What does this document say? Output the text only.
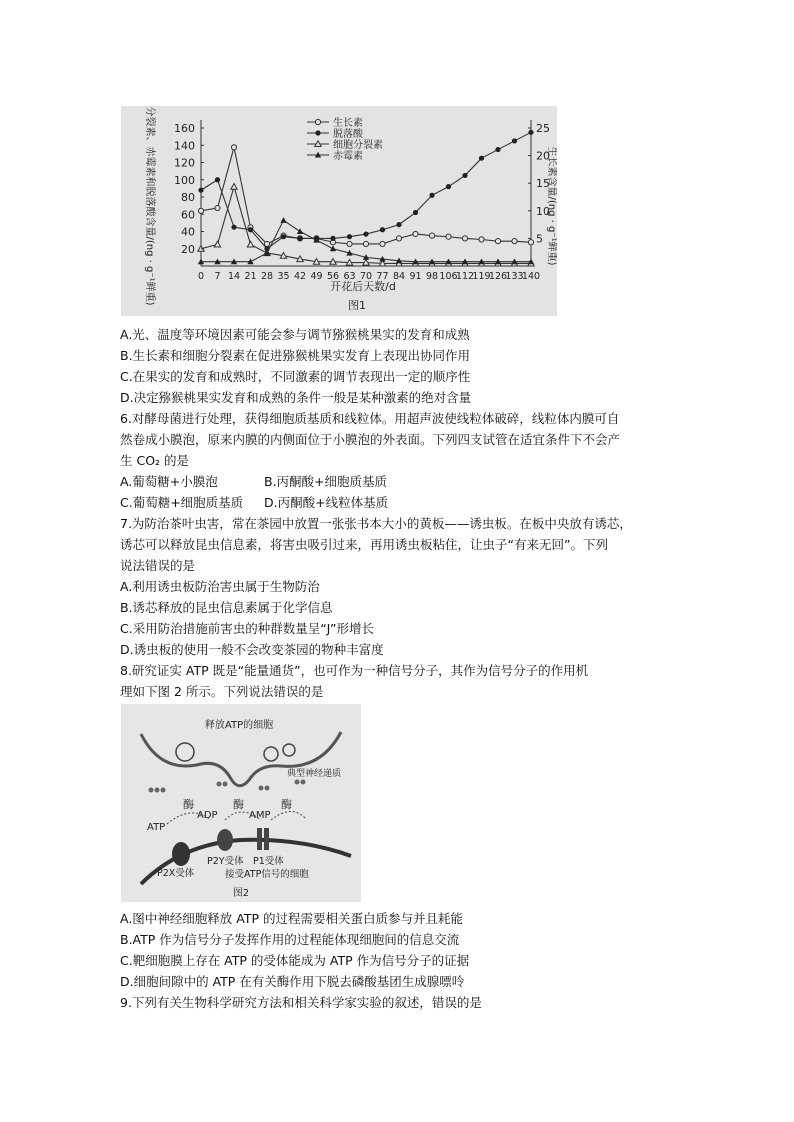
20
40
60
80
100
120
140
160
5
10
15
20
25
0 7 14 21 28 35 42 49 56 63 70 77 84 91 98 106
112
119
126
133
140
细胞分裂素、赤霉素和脱落酸含量/(ng · g⁻¹鲜重)	生长素含量/(ng · g⁻¹鲜重)
开花后天数/d
图1
生长素
脱落酸
细胞分裂素
赤霉素
A.光、温度等环境因素可能会参与调节猕猴桃果实的发育和成熟
B.生长素和细胞分裂素在促进猕猴桃果实发育上表现出协同作用
C.在果实的发育和成熟时，不同激素的调节表现出一定的顺序性
D.决定猕猴桃果实发育和成熟的条件一般是某种激素的绝对含量
6.对酵母菌进行处理，获得细胞质基质和线粒体。用超声波使线粒体破碎，线粒体内膜可自
然卷成小膜泡，原来内膜的内侧面位于小膜泡的外表面。下列四支试管在适宜条件下不会产
生 CO₂ 的是
A.葡萄糖+小膜泡	B.丙酮酸+细胞质基质
C.葡萄糖+细胞质基质	D.丙酮酸+线粒体基质
7.为防治茶叶虫害，常在茶园中放置一张张书本大小的黄板——诱虫板。在板中央放有诱芯，
诱芯可以释放昆虫信息素，将害虫吸引过来，再用诱虫板粘住，让虫子“有来无回”。下列
说法错误的是
A.利用诱虫板防治害虫属于生物防治
B.诱芯释放的昆虫信息素属于化学信息
C.采用防治措施前害虫的种群数量呈“J”形增长
D.诱虫板的使用一般不会改变茶园的物种丰富度
8.研究证实 ATP 既是“能量通货”，也可作为一种信号分子，其作为信号分子的作用机
理如下图 2 所示。下列说法错误的是
释放ATP的细胞
典型神经递质
酶	酶	酶
ADP	AMP
ATP
P2Y受体 P1受体
P2X受体	接受ATP信号的细胞
图2
A.图中神经细胞释放 ATP 的过程需要相关蛋白质参与并且耗能
B.ATP 作为信号分子发挥作用的过程能体现细胞间的信息交流
C.靶细胞膜上存在 ATP 的受体能成为 ATP 作为信号分子的证据
D.细胞间隙中的 ATP 在有关酶作用下脱去磷酸基团生成腺嘌呤
9.下列有关生物科学研究方法和相关科学家实验的叙述，错误的是
